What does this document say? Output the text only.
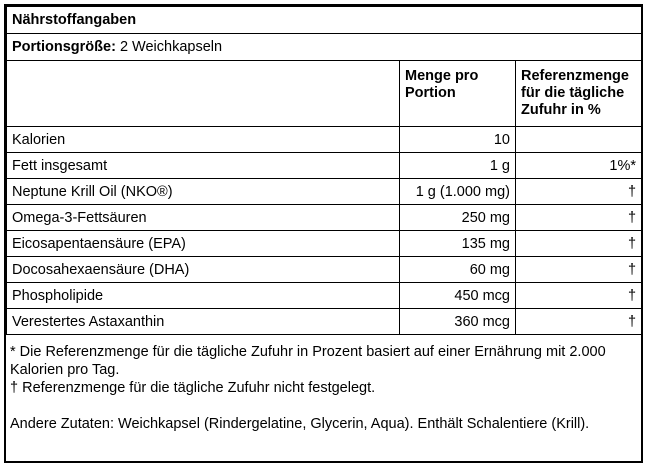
Nährstoffangaben		
Portionsgröße: 2 Weichkapseln		
	Menge pro Portion	Referenzmenge für die tägliche Zufuhr in %
Kalorien	10	
Fett insgesamt	1 g	1%*
Neptune Krill Oil (NKO®)	1 g (1.000 mg)	†
Omega-3-Fettsäuren	250 mg	†
Eicosapentaensäure (EPA)	135 mg	†
Docosahexaensäure (DHA)	60 mg	†
Phospholipide	450 mcg	†
Verestertes Astaxanthin	360 mcg	†

* Die Referenzmenge für die tägliche Zufuhr in Prozent basiert auf einer Ernährung mit 2.000 Kalorien pro Tag.

† Referenzmenge für die tägliche Zufuhr nicht festgelegt.

Andere Zutaten: Weichkapsel (Rindergelatine, Glycerin, Aqua). Enthält Schalentiere (Krill).
